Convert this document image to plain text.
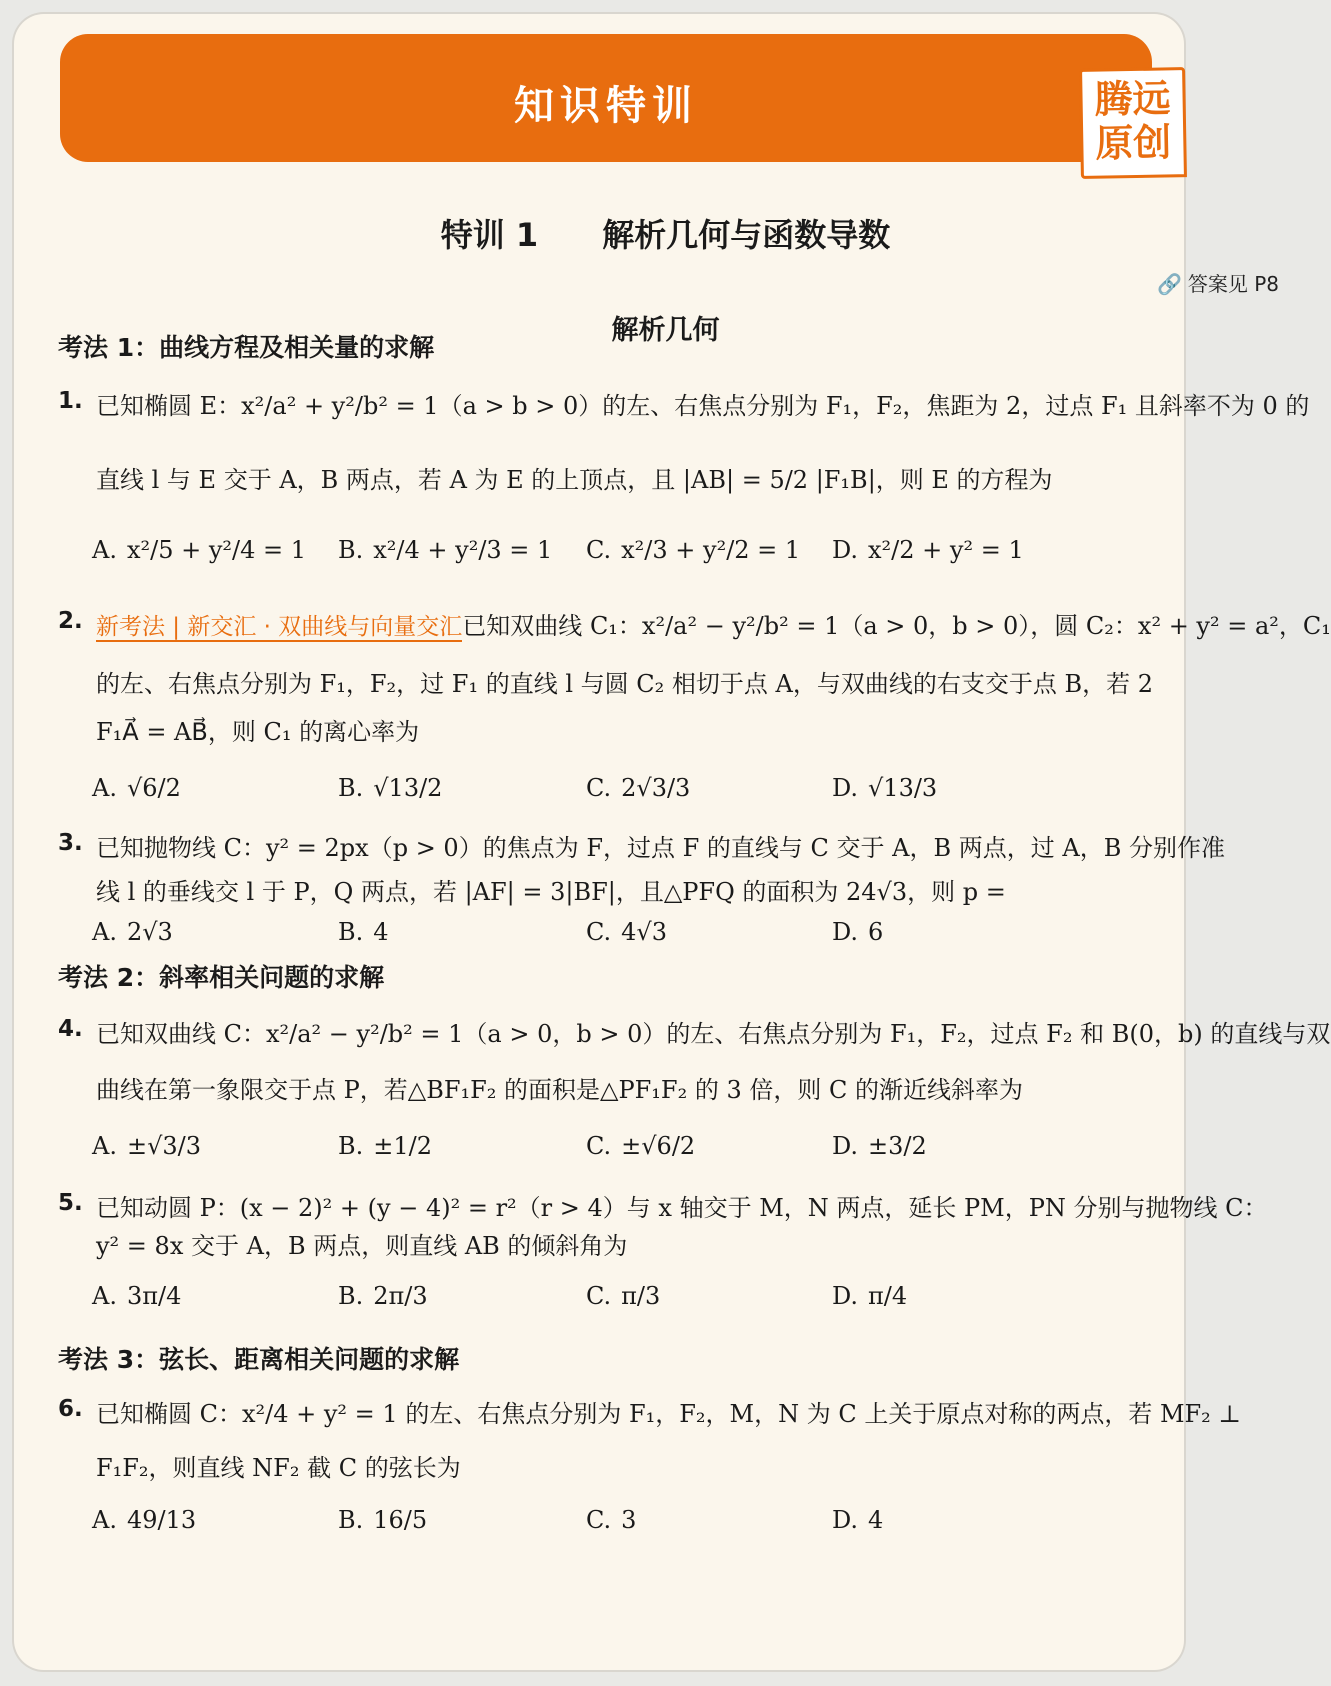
知识特训	腾远
原创
特训 1　　解析几何与函数导数
🔗 答案见 P8
解析几何
考法 1：曲线方程及相关量的求解
1. 已知椭圆 E：x²/a² + y²/b² = 1（a > b > 0）的左、右焦点分别为 F₁，F₂，焦距为 2，过点 F₁ 且斜率不为 0 的
直线 l 与 E 交于 A，B 两点，若 A 为 E 的上顶点，且 |AB| = 5/2 |F₁B|，则 E 的方程为
A. x²/5 + y²/4 = 1 B. x²/4 + y²/3 = 1 C. x²/3 + y²/2 = 1 D. x²/2 + y² = 1
2. 新考法 | 新交汇 · 双曲线与向量交汇已知双曲线 C₁：x²/a² − y²/b² = 1（a > 0，b > 0），圆 C₂：x² + y² = a²，C₁
的左、右焦点分别为 F₁，F₂，过 F₁ 的直线 l 与圆 C₂ 相切于点 A，与双曲线的右支交于点 B，若 2
F₁A⃗ = AB⃗，则 C₁ 的离心率为
A. √6/2	B. √13/2	C. 2√3/3	D. √13/3
3. 已知抛物线 C：y² = 2px（p > 0）的焦点为 F，过点 F 的直线与 C 交于 A，B 两点，过 A，B 分别作准
线 l 的垂线交 l 于 P，Q 两点，若 |AF| = 3|BF|，且△PFQ 的面积为 24√3，则 p =
A. 2√3	B. 4	C. 4√3	D. 6
考法 2：斜率相关问题的求解
4. 已知双曲线 C：x²/a² − y²/b² = 1（a > 0，b > 0）的左、右焦点分别为 F₁，F₂，过点 F₂ 和 B(0，b) 的直线与双
曲线在第一象限交于点 P，若△BF₁F₂ 的面积是△PF₁F₂ 的 3 倍，则 C 的渐近线斜率为
A. ±√3/3	B. ±1/2	C. ±√6/2	D. ±3/2
5. 已知动圆 P：(x − 2)² + (y − 4)² = r²（r > 4）与 x 轴交于 M，N 两点，延长 PM，PN 分别与抛物线 C：
y² = 8x 交于 A，B 两点，则直线 AB 的倾斜角为
A. 3π/4	B. 2π/3	C. π/3	D. π/4
考法 3：弦长、距离相关问题的求解
6. 已知椭圆 C：x²/4 + y² = 1 的左、右焦点分别为 F₁，F₂，M，N 为 C 上关于原点对称的两点，若 MF₂ ⊥
F₁F₂，则直线 NF₂ 截 C 的弦长为
A. 49/13	B. 16/5	C. 3	D. 4
